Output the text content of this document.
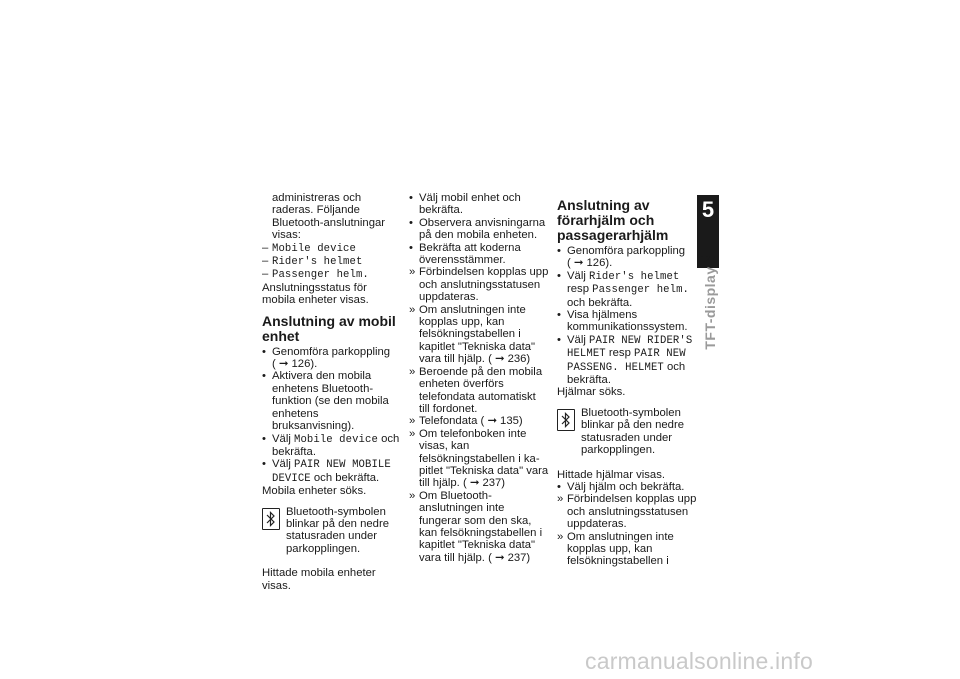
administreras och raderas. Följande Bluetooth-anslutningar visas:

– Mobile device

– Rider's helmet

– Passenger helm.

Anslutningsstatus för mobila enheter visas.

Anslutning av mobil enhet

• Genomföra parkoppling
( ➞ 126).

• Aktivera den mobila enhetens Bluetooth-funktion (se den mobila enhetens bruksanvisning).

• Välj Mobile device och bekräfta.

• Välj PAIR NEW MOBILE DEVICE och bekräfta.

Mobila enheter söks.

Bluetooth-symbolen blinkar på den nedre statusraden under parkopplingen.

Hittade mobila enheter visas.

• Välj mobil enhet och bekräfta.

• Observera anvisningarna på den mobila enheten.

• Bekräfta att koderna överensstämmer.

» Förbindelsen kopplas upp och anslutningsstatusen uppdateras.

» Om anslutningen inte kopplas upp, kan felsökningstabellen i kapitlet "Tekniska data" vara till hjälp. ( ➞ 236)

» Beroende på den mobila enheten överförs telefondata automatiskt till fordonet.

» Telefondata ( ➞ 135)

» Om telefonboken inte visas, kan felsökningstabellen i kapitlet "Tekniska data" vara till hjälp. ( ➞ 237)

» Om Bluetooth-anslutningen inte fungerar som den ska, kan felsökningstabellen i kapitlet "Tekniska data" vara till hjälp. ( ➞ 237)

Anslutning av förarhjälm och passagerarhjälm

• Genomföra parkoppling
( ➞ 126).

• Välj Rider's helmet resp Passenger helm. och bekräfta.

• Visa hjälmens kommunikationssystem.

• Välj PAIR NEW RIDER'S HELMET resp PAIR NEW PASSENG. HELMET och bekräfta.

Hjälmar söks.

Bluetooth-symbolen blinkar på den nedre statusraden under parkopplingen.

Hittade hjälmar visas.

• Välj hjälm och bekräfta.

» Förbindelsen kopplas upp och anslutningsstatusen uppdateras.

» Om anslutningen inte kopplas upp, kan felsökningstabellen i

5
127
TFT-display
carmanualsonline.info
